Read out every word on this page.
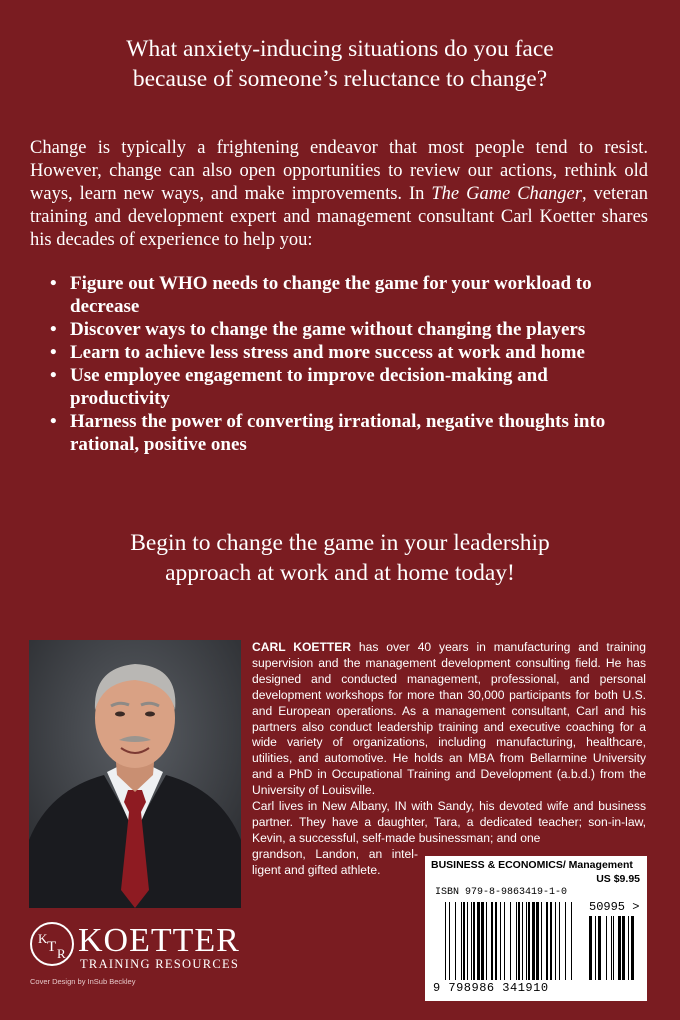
What anxiety-inducing situations do you face
because of someone’s reluctance to change?

Change is typically a frightening endeavor that most people tend to resist. However, change can also open opportunities to review our actions, rethink old ways, learn new ways, and make improvements. In The Game Changer, veteran training and development expert and management consultant Carl Koetter shares his decades of experience to help you:

• Figure out WHO needs to change the game for your workload to decrease
• Discover ways to change the game without changing the players
• Learn to achieve less stress and more success at work and home
• Use employee engagement to improve decision-making and productivity
• Harness the power of converting irrational, negative thoughts into rational, positive ones
Begin to change the game in your leadership
approach at work and at home today!

CARL KOETTER has over 40 years in manufacturing and training supervision and the management development consulting field. He has designed and conducted management, professional, and personal development workshops for more than 30,000 participants for both U.S. and European operations. As a management consultant, Carl and his partners also conduct leadership training and executive coaching for a wide variety of organizations, including manufacturing, healthcare, utilities, and automotive. He holds an MBA from Bellarmine University and a PhD in Occupational Training and Development (a.b.d.) from the University of Louisville.

Carl lives in New Albany, IN with Sandy, his devoted wife and business partner. They have a daughter, Tara, a dedicated teacher; son-in-law, Kevin, a successful, self-made businessman; and one

grandson, Landon, an intel- ligent and gifted athlete.

K
T R KOETTER
TRAINING RESOURCES
Cover Design by InSub Beckley
BUSINESS & ECONOMICS/ Management
US $9.95
ISBN 979-8-9863419-1-0
50995 >
9 798986 341910
